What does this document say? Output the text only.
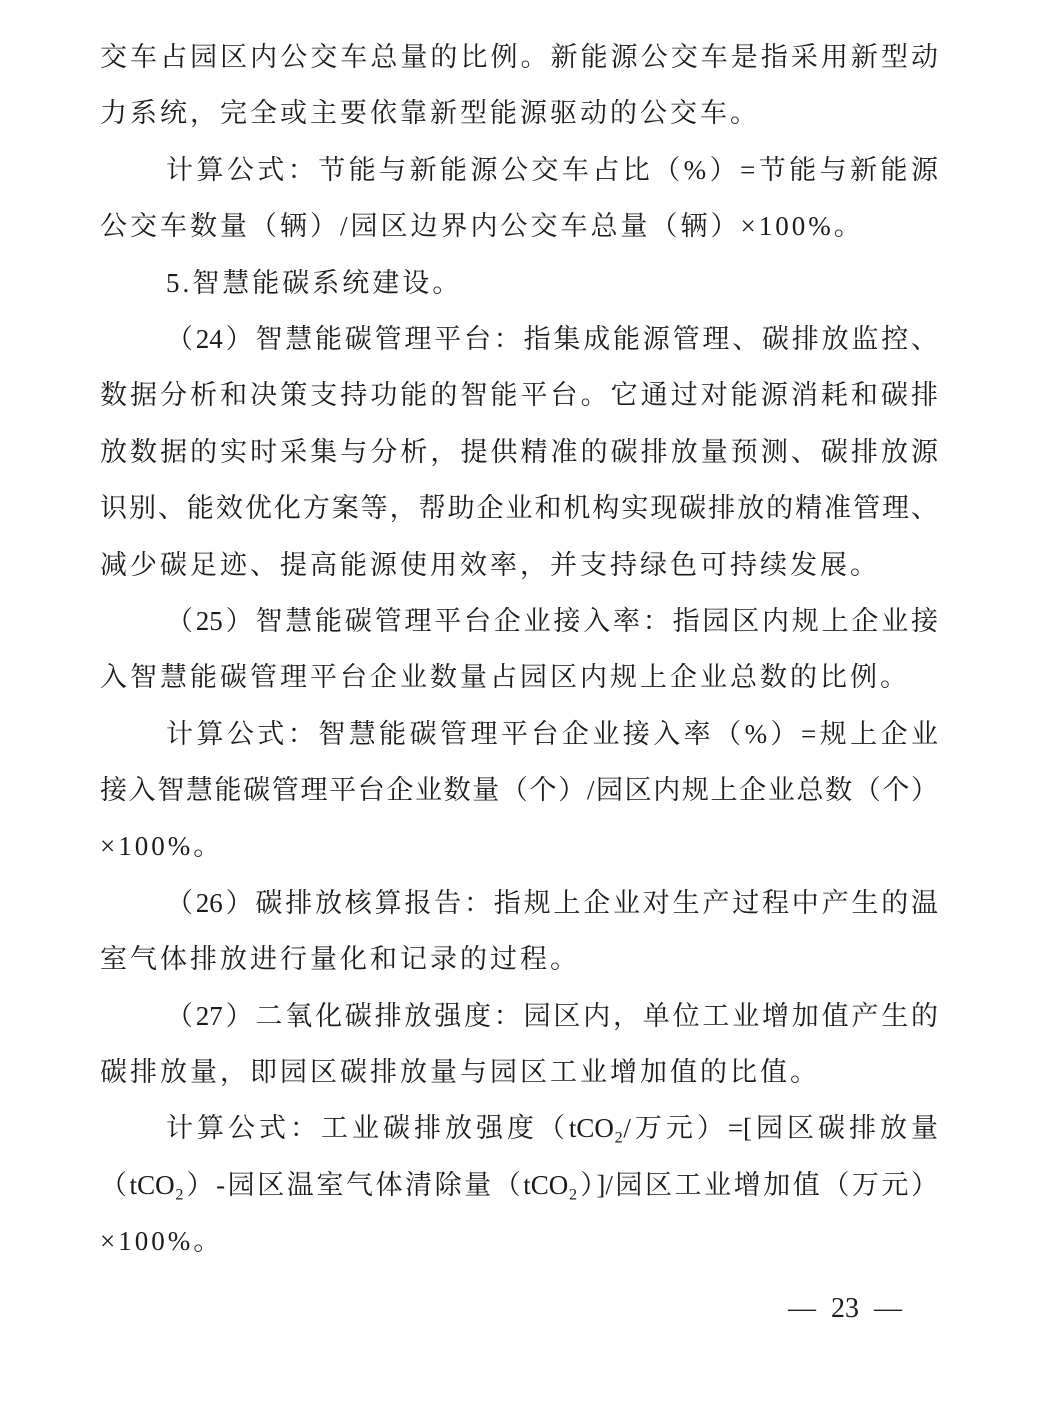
交车占园区内公交车总量的比例。新能源公交车是指采用新型动
力系统，完全或主要依靠新型能源驱动的公交车。
计算公式：节能与新能源公交车占比（%）=节能与新能源
公交车数量（辆）/园区边界内公交车总量（辆）×100%。
5.智慧能碳系统建设。
（24）智慧能碳管理平台：指集成能源管理、碳排放监控、
数据分析和决策支持功能的智能平台。它通过对能源消耗和碳排
放数据的实时采集与分析，提供精准的碳排放量预测、碳排放源
识别、能效优化方案等，帮助企业和机构实现碳排放的精准管理、
减少碳足迹、提高能源使用效率，并支持绿色可持续发展。
（25）智慧能碳管理平台企业接入率：指园区内规上企业接
入智慧能碳管理平台企业数量占园区内规上企业总数的比例。
计算公式：智慧能碳管理平台企业接入率（%）=规上企业
接入智慧能碳管理平台企业数量（个）/园区内规上企业总数（个）
×100%。
（26）碳排放核算报告：指规上企业对生产过程中产生的温
室气体排放进行量化和记录的过程。
（27）二氧化碳排放强度：园区内，单位工业增加值产生的
碳排放量，即园区碳排放量与园区工业增加值的比值。
计算公式：工业碳排放强度（tCO₂/万元）=[园区碳排放量
（tCO₂）-园区温室气体清除量（tCO₂）]/园区工业增加值（万元）
×100%。
— 23 —
